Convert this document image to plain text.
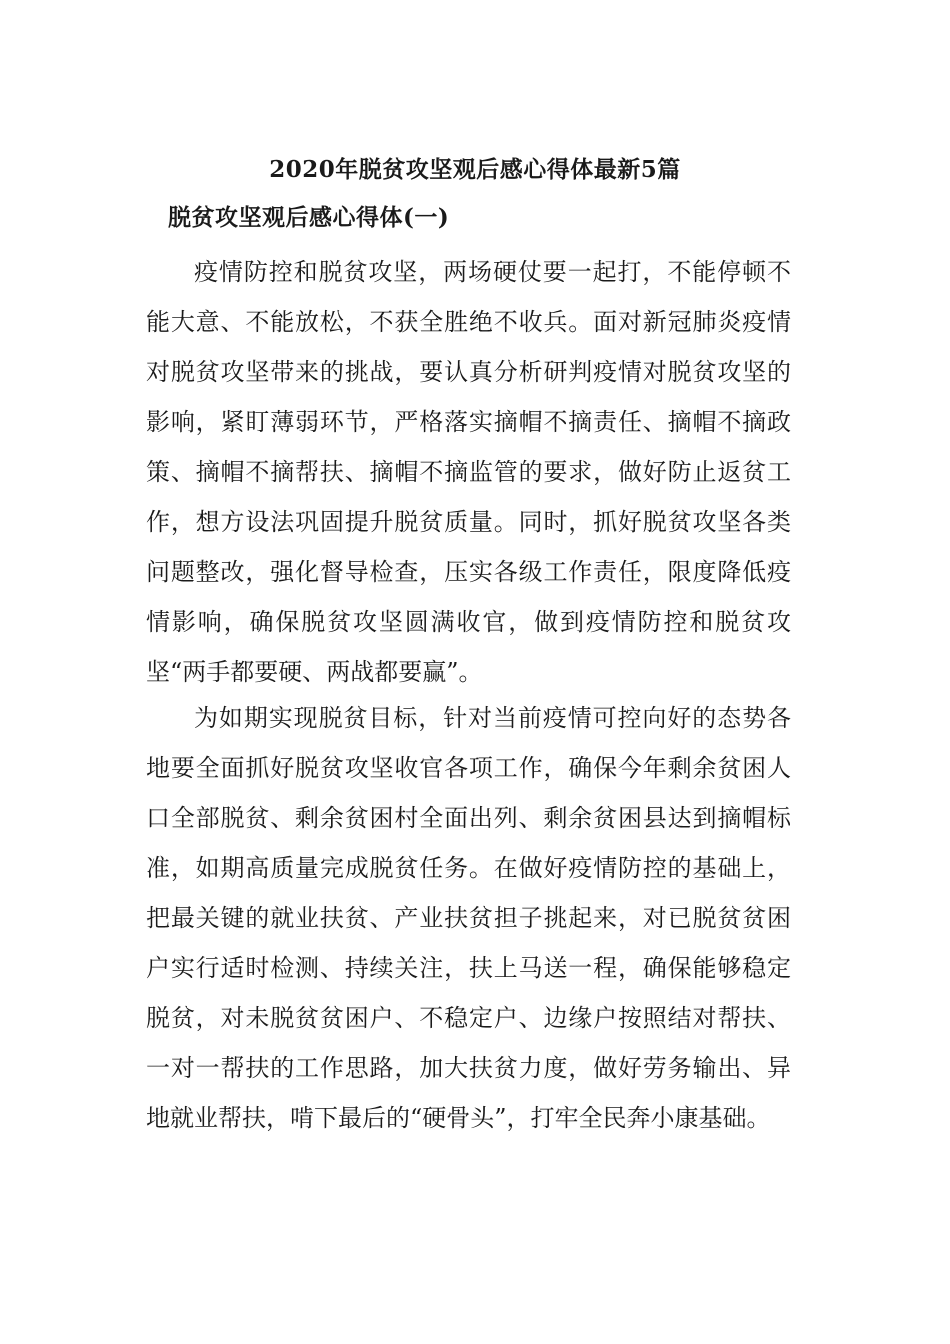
2020年脱贫攻坚观后感心得体最新5篇
脱贫攻坚观后感心得体(一)

疫情防控和脱贫攻坚，两场硬仗要一起打，不能停顿不能大意、不能放松，不获全胜绝不收兵。面对新冠肺炎疫情对脱贫攻坚带来的挑战，要认真分析研判疫情对脱贫攻坚的影响，紧盯薄弱环节，严格落实摘帽不摘责任、摘帽不摘政策、摘帽不摘帮扶、摘帽不摘监管的要求，做好防止返贫工作，想方设法巩固提升脱贫质量。同时，抓好脱贫攻坚各类问题整改，强化督导检查，压实各级工作责任，限度降低疫情影响，确保脱贫攻坚圆满收官，做到疫情防控和脱贫攻坚“两手都要硬、两战都要赢”。

为如期实现脱贫目标，针对当前疫情可控向好的态势各地要全面抓好脱贫攻坚收官各项工作，确保今年剩余贫困人口全部脱贫、剩余贫困村全面出列、剩余贫困县达到摘帽标准，如期高质量完成脱贫任务。在做好疫情防控的基础上，把最关键的就业扶贫、产业扶贫担子挑起来，对已脱贫贫困户实行适时检测、持续关注，扶上马送一程，确保能够稳定脱贫，对未脱贫贫困户、不稳定户、边缘户按照结对帮扶、一对一帮扶的工作思路，加大扶贫力度，做好劳务输出、异地就业帮扶，啃下最后的“硬骨头”，打牢全民奔小康基础。
